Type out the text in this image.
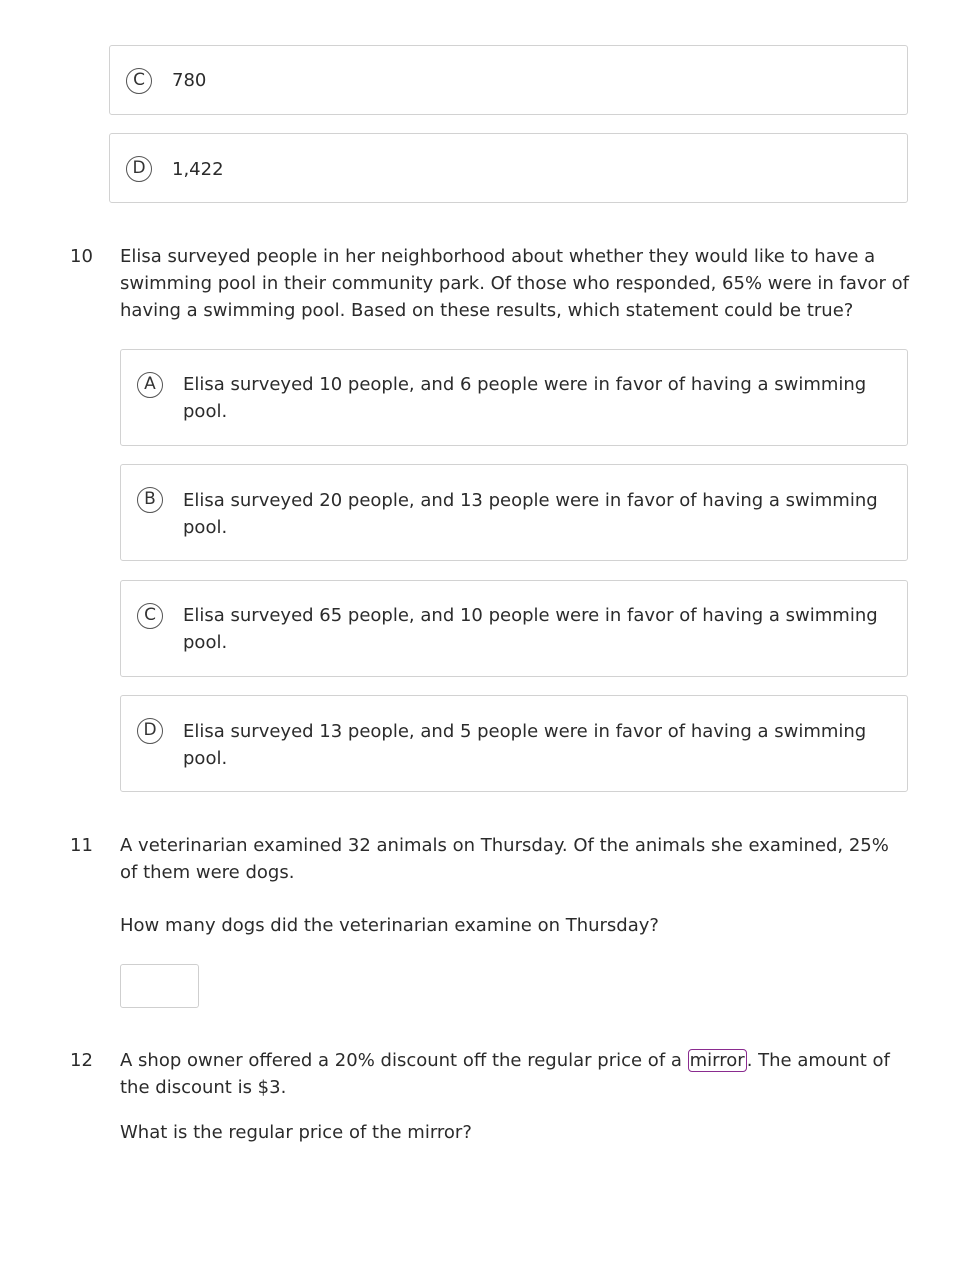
C	780
D	1,422
10 Elisa surveyed people in her neighborhood about whether they would like to have a swimming pool in their community park. Of those who responded, 65% were in favor of having a swimming pool. Based on these results, which statement could be true?
A	Elisa surveyed 10 people, and 6 people were in favor of having a swimming pool.
B	Elisa surveyed 20 people, and 13 people were in favor of having a swimming pool.
C	Elisa surveyed 65 people, and 10 people were in favor of having a swimming pool.
D	Elisa surveyed 13 people, and 5 people were in favor of having a swimming pool.
11 A veterinarian examined 32 animals on Thursday. Of the animals she examined, 25% of them were dogs.
How many dogs did the veterinarian examine on Thursday?
12 A shop owner offered a 20% discount off the regular price of a mirror . The amount of the discount is $3.
What is the regular price of the mirror?
